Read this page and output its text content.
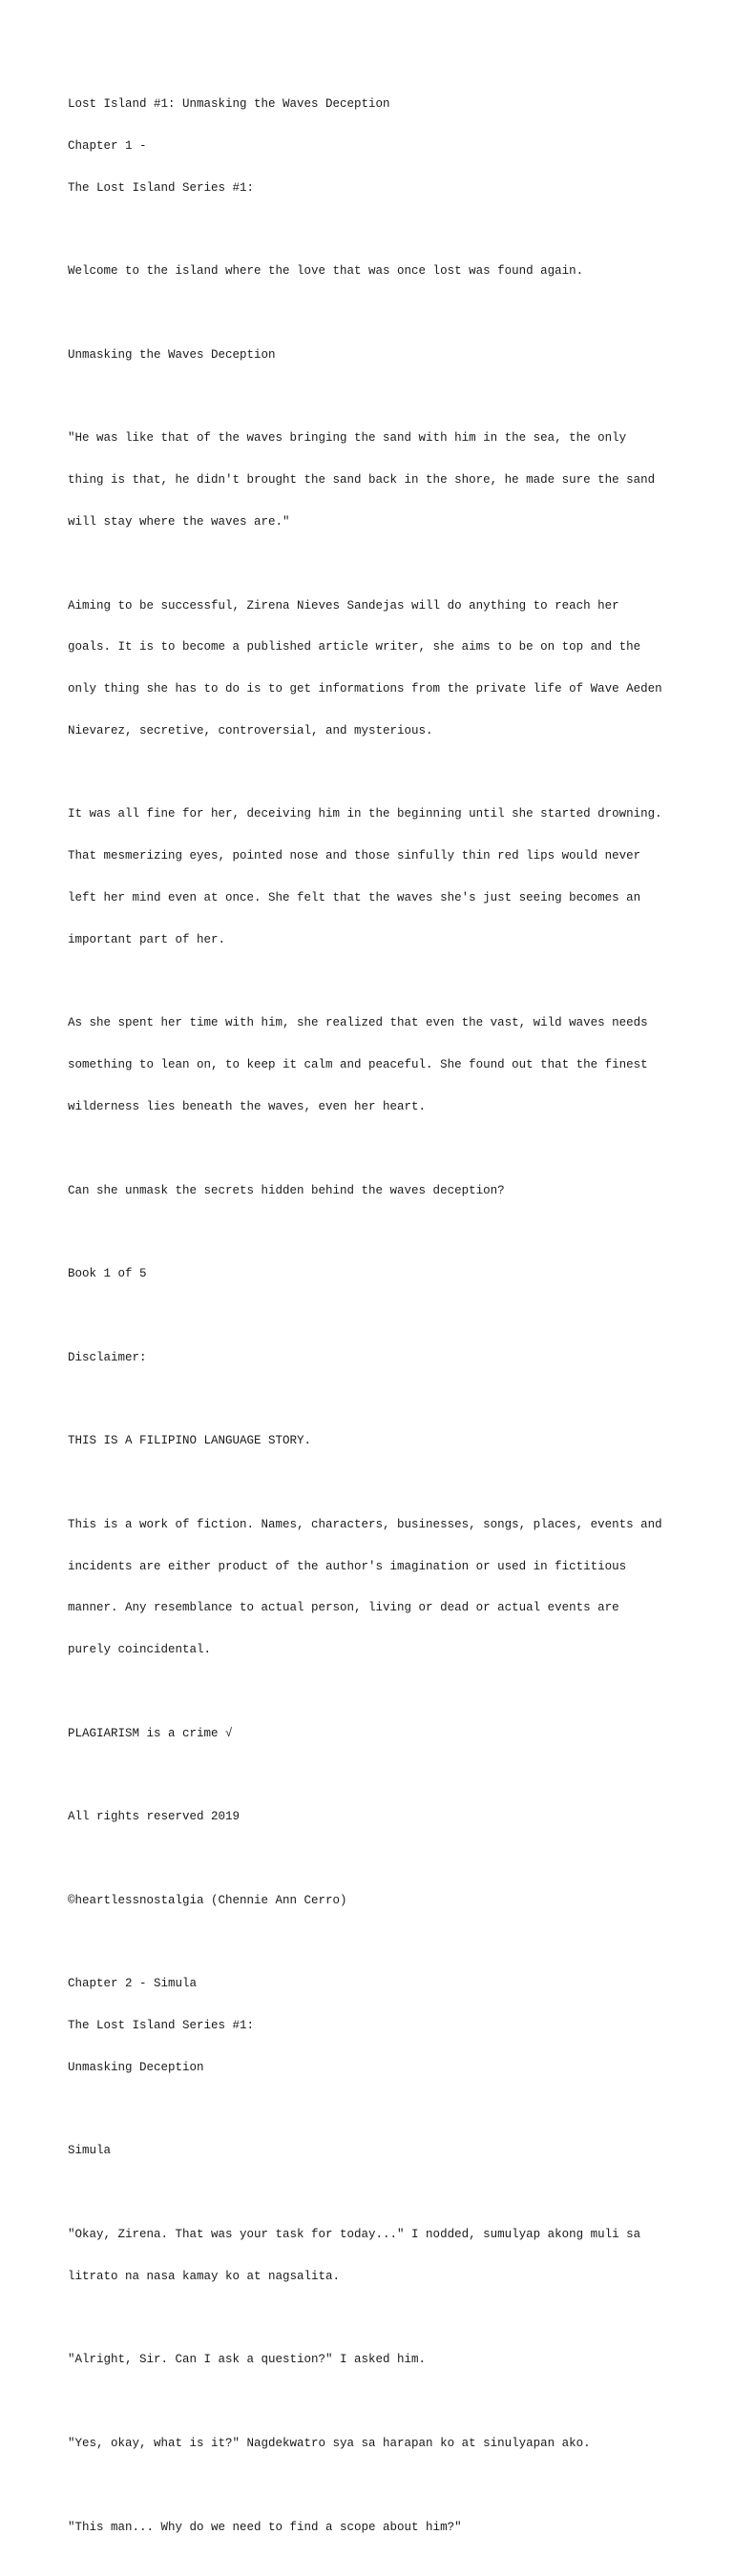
Lost Island #1: Unmasking the Waves Deception

Chapter 1 -

The Lost Island Series #1:

Welcome to the island where the love that was once lost was found again.

Unmasking the Waves Deception

"He was like that of the waves bringing the sand with him in the sea, the only

thing is that, he didn't brought the sand back in the shore, he made sure the sand

will stay where the waves are."

Aiming to be successful, Zirena Nieves Sandejas will do anything to reach her

goals. It is to become a published article writer, she aims to be on top and the

only thing she has to do is to get informations from the private life of Wave Aeden

Nievarez, secretive, controversial, and mysterious.

It was all fine for her, deceiving him in the beginning until she started drowning.

That mesmerizing eyes, pointed nose and those sinfully thin red lips would never

left her mind even at once. She felt that the waves she's just seeing becomes an

important part of her.

As she spent her time with him, she realized that even the vast, wild waves needs

something to lean on, to keep it calm and peaceful. She found out that the finest

wilderness lies beneath the waves, even her heart.

Can she unmask the secrets hidden behind the waves deception?

Book 1 of 5

Disclaimer:

THIS IS A FILIPINO LANGUAGE STORY.

This is a work of fiction. Names, characters, businesses, songs, places, events and

incidents are either product of the author's imagination or used in fictitious

manner. Any resemblance to actual person, living or dead or actual events are

purely coincidental.

PLAGIARISM is a crime √

All rights reserved 2019

©heartlessnostalgia (Chennie Ann Cerro)

Chapter 2 - Simula

The Lost Island Series #1:

Unmasking Deception

Simula

"Okay, Zirena. That was your task for today..." I nodded, sumulyap akong muli sa

litrato na nasa kamay ko at nagsalita.

"Alright, Sir. Can I ask a question?" I asked him.

"Yes, okay, what is it?" Nagdekwatro sya sa harapan ko at sinulyapan ako.

"This man... Why do we need to find a scope about him?"
